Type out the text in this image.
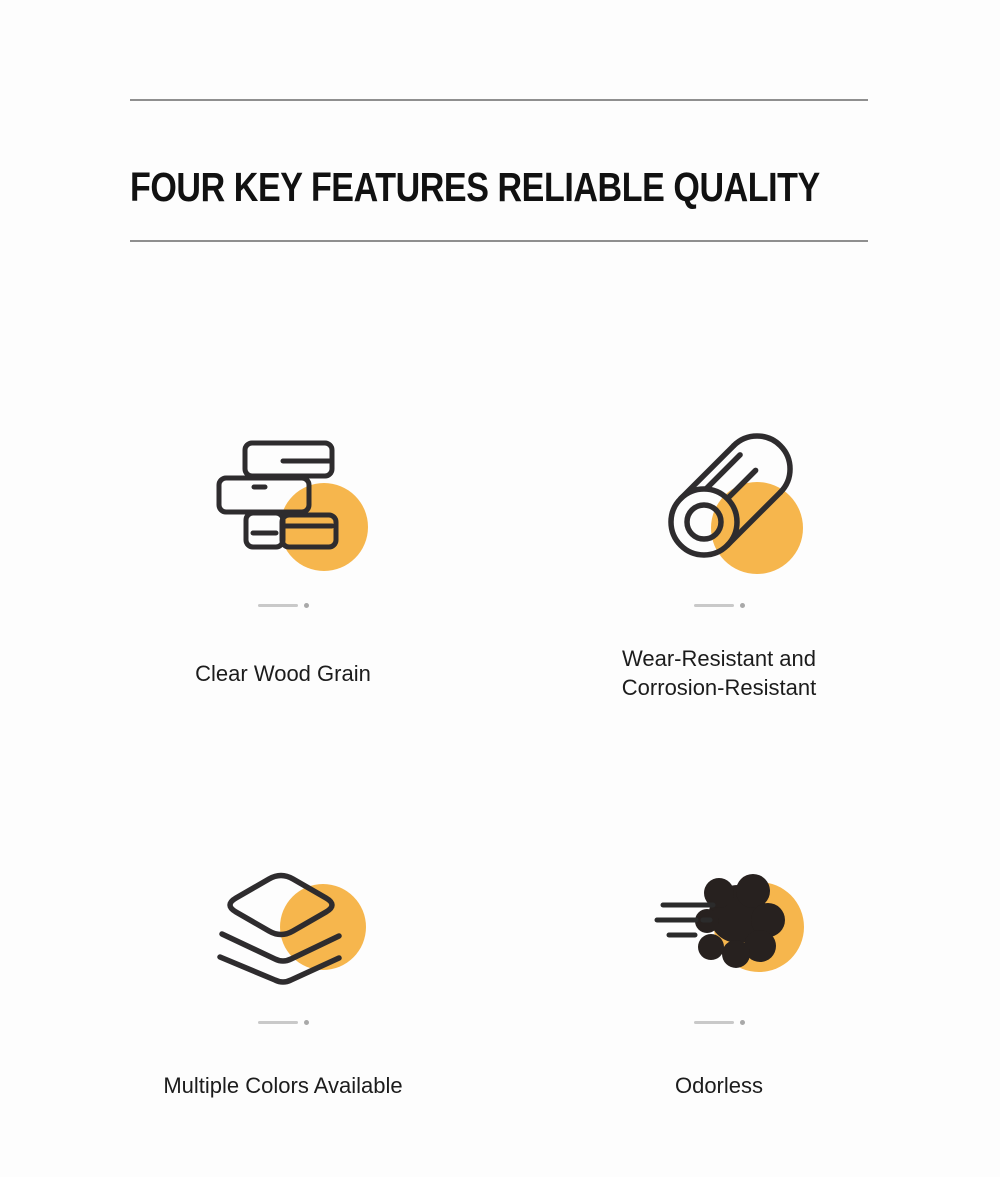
FOUR KEY FEATURES RELIABLE QUALITY
Clear Wood Grain
Wear-Resistant and Corrosion-Resistant
Multiple Colors Available	Odorless
